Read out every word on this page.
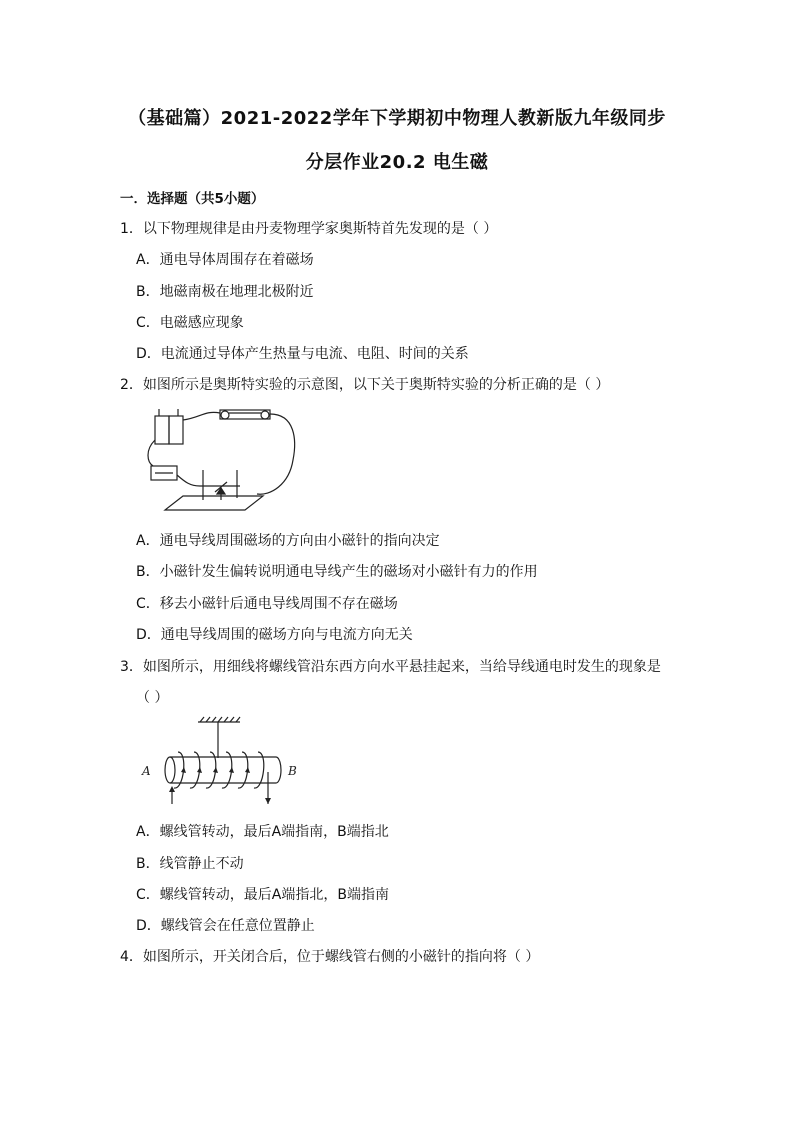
（基础篇）2021-2022学年下学期初中物理人教新版九年级同步
分层作业20.2 电生磁
一．选择题（共5小题）
1．以下物理规律是由丹麦物理学家奥斯特首先发现的是（ ）
A．通电导体周围存在着磁场
B．地磁南极在地理北极附近
C．电磁感应现象
D．电流通过导体产生热量与电流、电阻、时间的关系
2．如图所示是奥斯特实验的示意图，以下关于奥斯特实验的分析正确的是（ ）
A．通电导线周围磁场的方向由小磁针的指向决定
B．小磁针发生偏转说明通电导线产生的磁场对小磁针有力的作用
C．移去小磁针后通电导线周围不存在磁场
D．通电导线周围的磁场方向与电流方向无关
3．如图所示，用细线将螺线管沿东西方向水平悬挂起来，当给导线通电时发生的现象是
（ ）
A	B
A．螺线管转动，最后A端指南，B端指北
B．线管静止不动
C．螺线管转动，最后A端指北，B端指南
D．螺线管会在任意位置静止
4．如图所示，开关闭合后，位于螺线管右侧的小磁针的指向将（ ）
